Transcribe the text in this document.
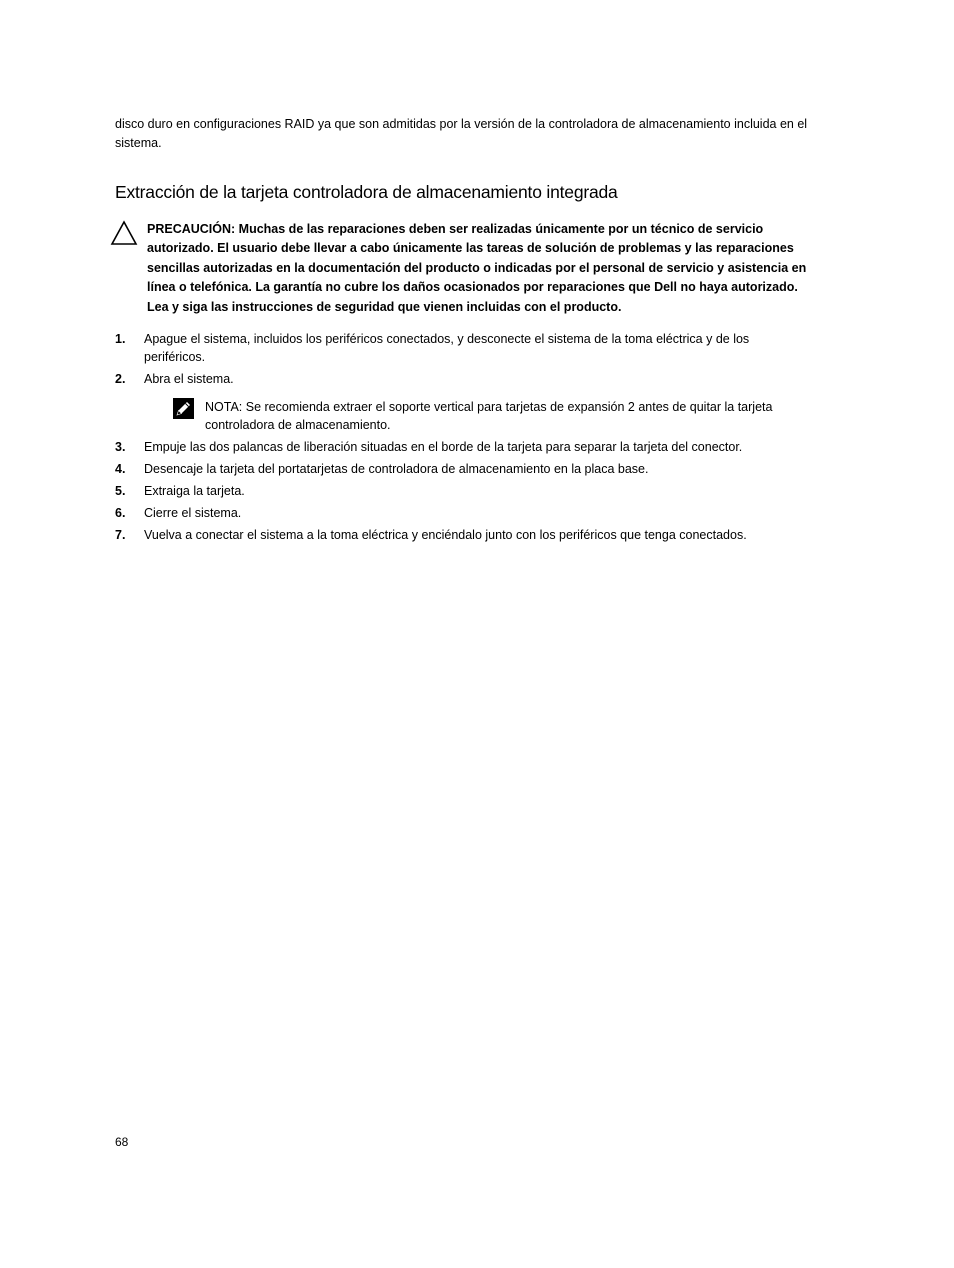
disco duro en configuraciones RAID ya que son admitidas por la versión de la controladora de almacenamiento incluida en el sistema.

Extracción de la tarjeta controladora de almacenamiento integrada

PRECAUCIÓN: Muchas de las reparaciones deben ser realizadas únicamente por un técnico de servicio autorizado. El usuario debe llevar a cabo únicamente las tareas de solución de problemas y las reparaciones sencillas autorizadas en la documentación del producto o indicadas por el personal de servicio y asistencia en línea o telefónica. La garantía no cubre los daños ocasionados por reparaciones que Dell no haya autorizado. Lea y siga las instrucciones de seguridad que vienen incluidas con el producto.

1. Apague el sistema, incluidos los periféricos conectados, y desconecte el sistema de la toma eléctrica y de los periféricos.
2. Abra el sistema.
NOTA: Se recomienda extraer el soporte vertical para tarjetas de expansión 2 antes de quitar la tarjeta controladora de almacenamiento.
3. Empuje las dos palancas de liberación situadas en el borde de la tarjeta para separar la tarjeta del conector.
4. Desencaje la tarjeta del portatarjetas de controladora de almacenamiento en la placa base.
5. Extraiga la tarjeta.
6. Cierre el sistema.
7. Vuelva a conectar el sistema a la toma eléctrica y enciéndalo junto con los periféricos que tenga conectados.
68
